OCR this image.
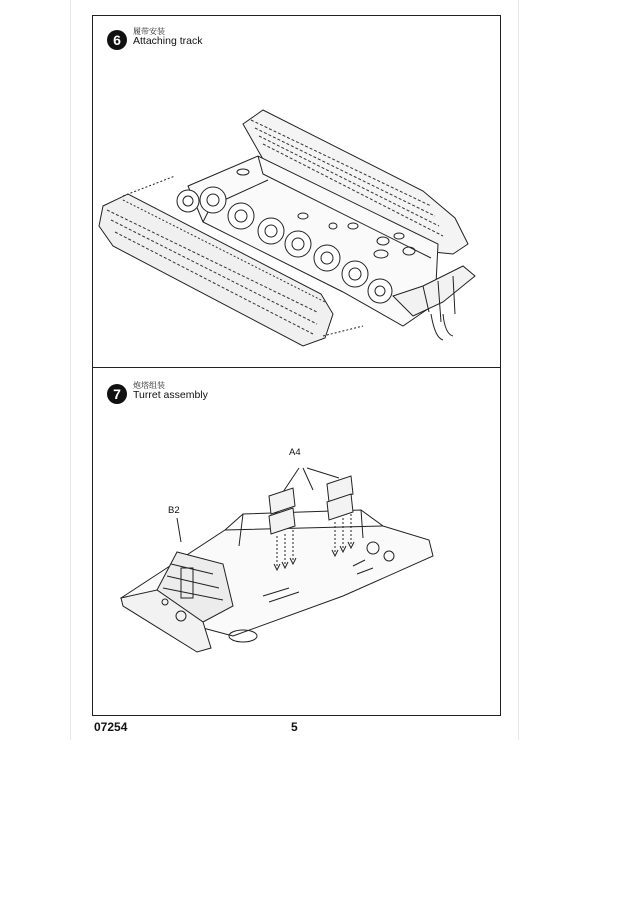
6
履带安装
Attaching track
7
炮塔组装
Turret assembly
A4
B2
07254	5
